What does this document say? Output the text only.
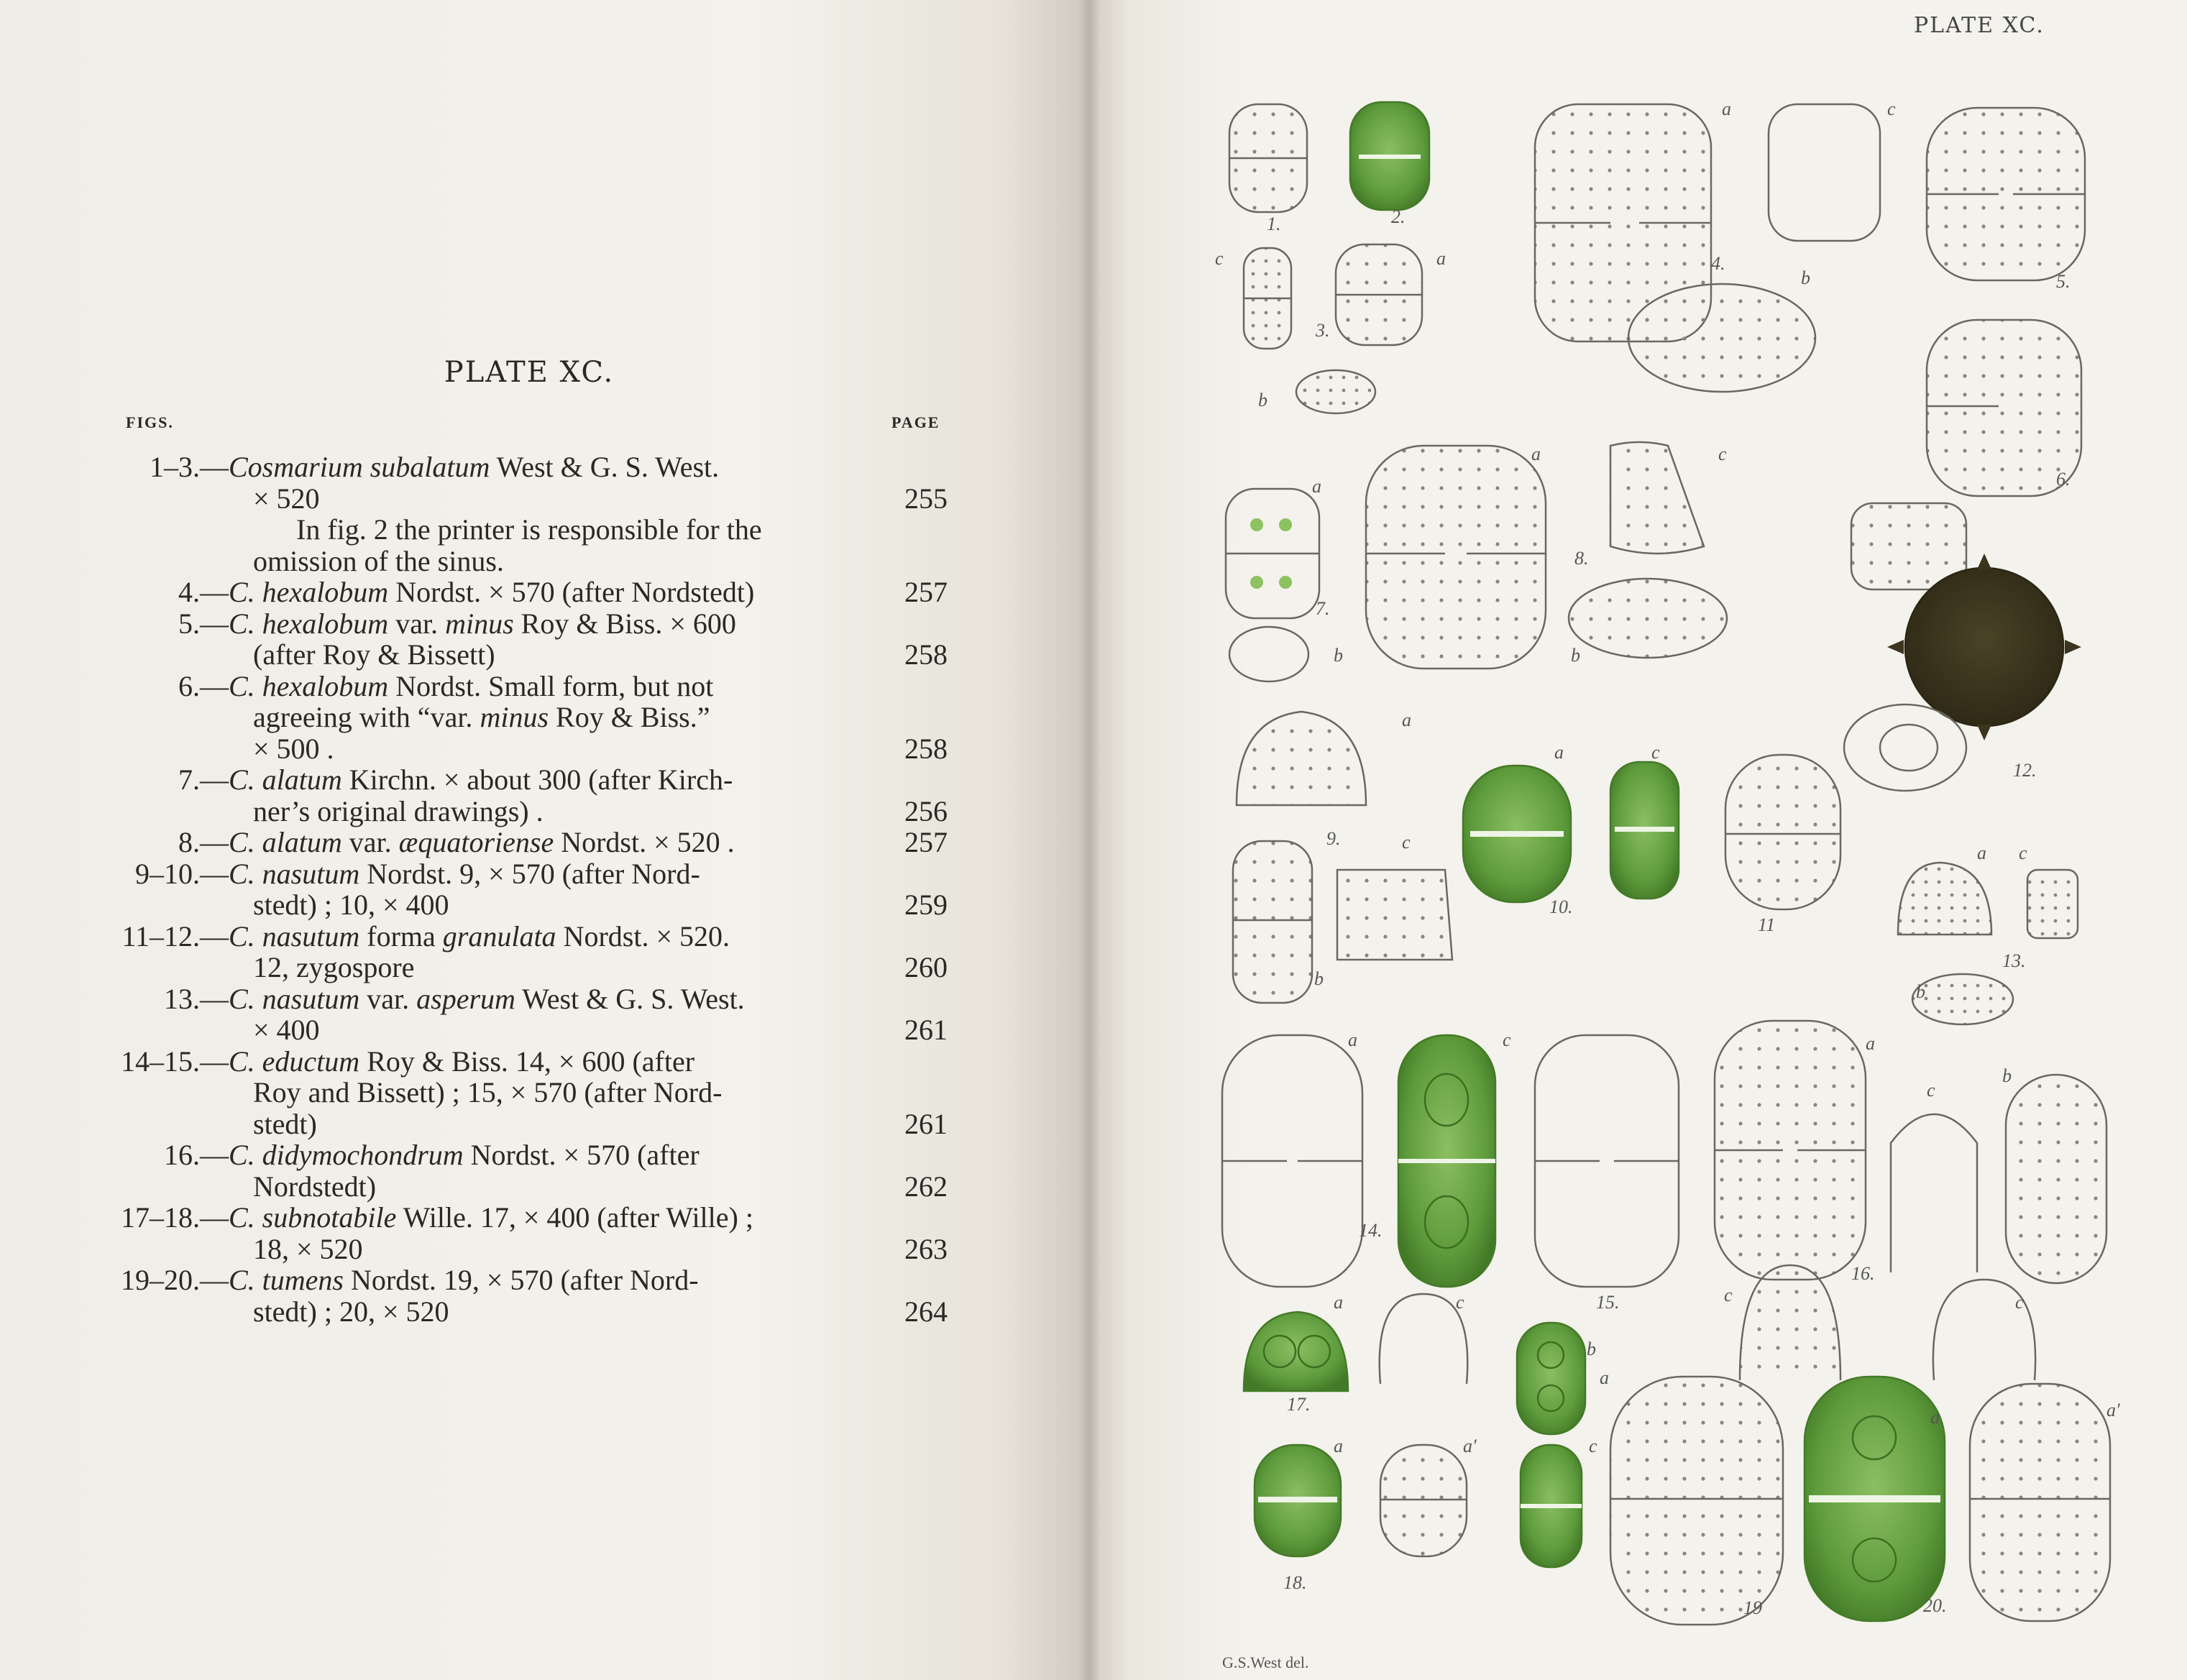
PLATE XC.
FIGS.	PAGE
1–3.— Cosmarium subalatum West & G. S. West.
× 520	255
In fig. 2 the printer is responsible for the
omission of the sinus.
4.— C. hexalobum Nordst. × 570 (after Nordstedt)	257
5.— C. hexalobum var. minus Roy & Biss. × 600
(after Roy & Bissett)	258
6.— C. hexalobum Nordst. Small form, but not
agreeing with “var. minus Roy & Biss.”
× 500 .	258
7.— C. alatum Kirchn. × about 300 (after Kirch-
ner’s original drawings) .	256
8.— C. alatum var. æquatoriense Nordst. × 520 .	257
9–10.— C. nasutum Nordst. 9, × 570 (after Nord-
stedt) ; 10, × 400	259
11–12.— C. nasutum forma granulata Nordst. × 520.
12, zygospore	260
13.— C. nasutum var. asperum West & G. S. West.
× 400	261
14–15.— C. eductum Roy & Biss. 14, × 600 (after
Roy and Bissett) ; 15, × 570 (after Nord-
stedt)	261
16.— C. didymochondrum Nordst. × 570 (after
Nordstedt)	262
17–18.— C. subnotabile Wille. 17, × 400 (after Wille) ;
18, × 520	263
19–20.— C. tumens Nordst. 19, × 570 (after Nord-
stedt) ; 20, × 520	264
PLATE XC.
1.	2.
3.
c	a
b
4.
a	c
b	5.
6.
7.
a
b
8.
a	c
b
9.
a
c
b
10.
a	c
11
12.
13.
a c
b
14.
a	c
15.
16.
a
c
b
17.
a	c
18.
a	a′
b
c
19
a
c
20.
a	a′
c
G.S.West del.
